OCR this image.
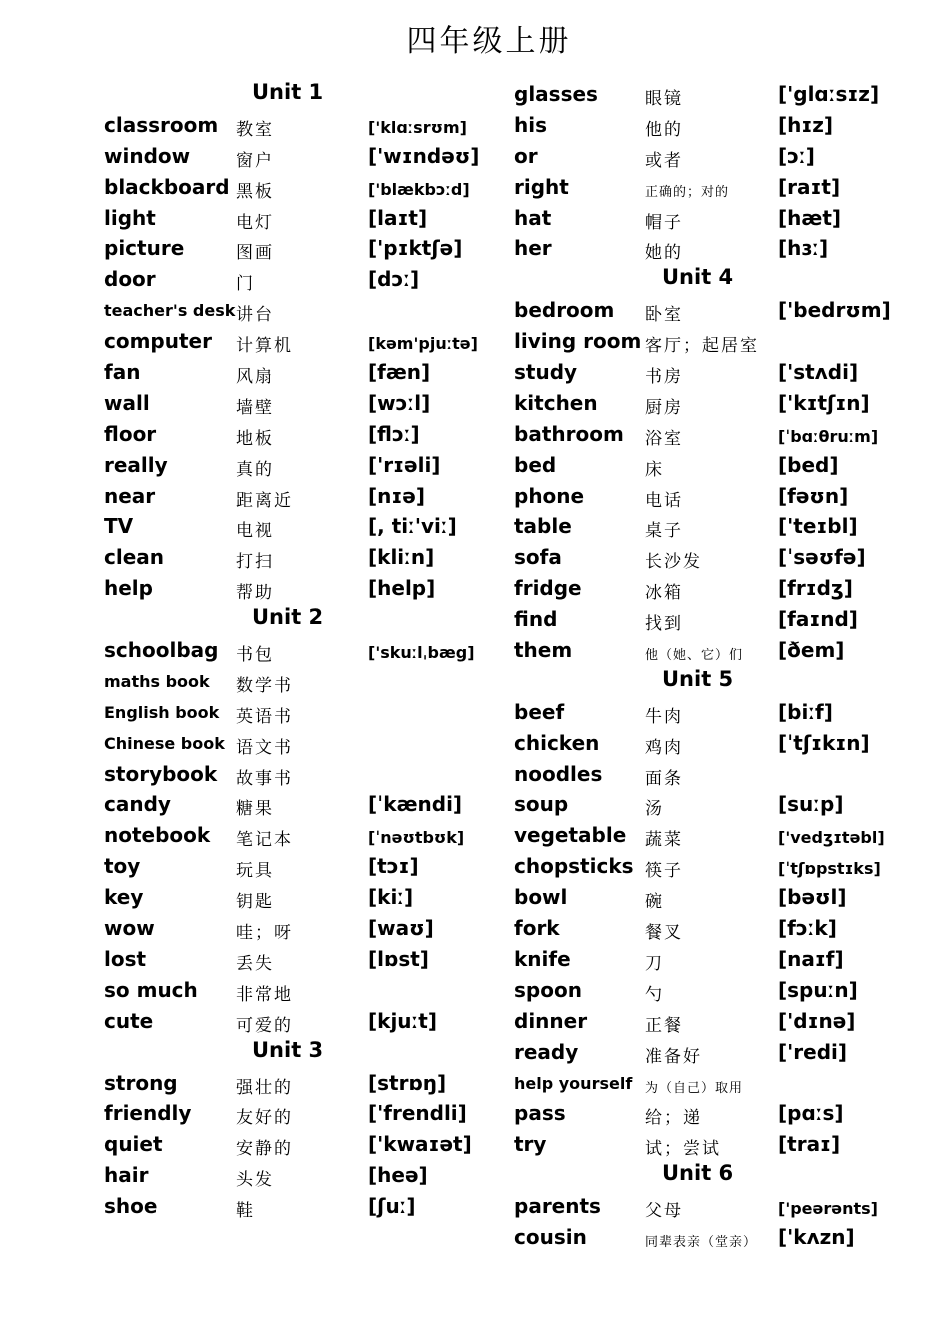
四年级上册
Unit 1
classroom 教室	['klɑːsrʊm]
window	窗户	['wɪndəʊ]
blackboard 黑板	['blækbɔːd]
light	电灯	[laɪt]
picture	图画	['pɪktʃə]
door	门	[dɔː]
teacher's desk 讲台
computer 计算机	[kəm'pjuːtə]
fan	风扇	[fæn]
wall	墙壁	[wɔːl]
floor	地板	[flɔː]
really	真的	['rɪəli]
near	距离近	[nɪə]
TV	电视	[, tiː'viː]
clean	打扫	[kliːn]
help	帮助	[help]
Unit 2
schoolbag 书包	['skuːlˌbæg]
maths book 数学书
English book 英语书
Chinese book 语文书
storybook 故事书
candy	糖果	[ˈkændi]
notebook 笔记本	[ˈnəʊtbʊk]
toy	玩具	[tɔɪ]
key	钥匙	[kiː]
wow	哇；呀	[waʊ]
lost	丢失	[lɒst]
so much 非常地
cute	可爱的	[kjuːt]
Unit 3
strong	强壮的	[strɒŋ]
friendly	友好的	['frendli]
quiet	安静的	['kwaɪət]
hair	头发	[heə]
shoe	鞋	[ʃuː]
glasses	眼镜	['glɑːsɪz]
his	他的	[hɪz]
or	或者	[ɔː]
right	正确的；对的 [raɪt]
hat	帽子	[hæt]
her	她的	[hɜː]
Unit 4
bedroom 卧室	['bedrʊm]
living room 客厅；起居室
study	书房	['stʌdi]
kitchen	厨房	['kɪtʃɪn]
bathroom 浴室	[ˈbɑːθruːm]
bed	床	[bed]
phone	电话	[fəʊn]
table	桌子	['teɪbl]
sofa	长沙发	[ˈsəʊfə]
fridge	冰箱	[frɪdʒ]
find	找到	[faɪnd]
them	他（她、它）们 [ðem]
Unit 5
beef	牛肉	[biːf]
chicken	鸡肉	[ˈtʃɪkɪn]
noodles	面条
soup	汤	[suːp]
vegetable 蔬菜	['vedʒɪtəbl]
chopsticks 筷子	[ˈtʃɒpstɪks]
bowl	碗	[bəʊl]
fork	餐叉	[fɔːk]
knife	刀	[naɪf]
spoon	勺	[spuːn]
dinner	正餐	['dɪnə]
ready	准备好	['redi]
help yourself 为（自己）取用
pass	给；递	[pɑːs]
try	试；尝试	[traɪ]
Unit 6
parents	父母	['peərənts]
cousin	同辈表亲（堂亲） ['kʌzn]
